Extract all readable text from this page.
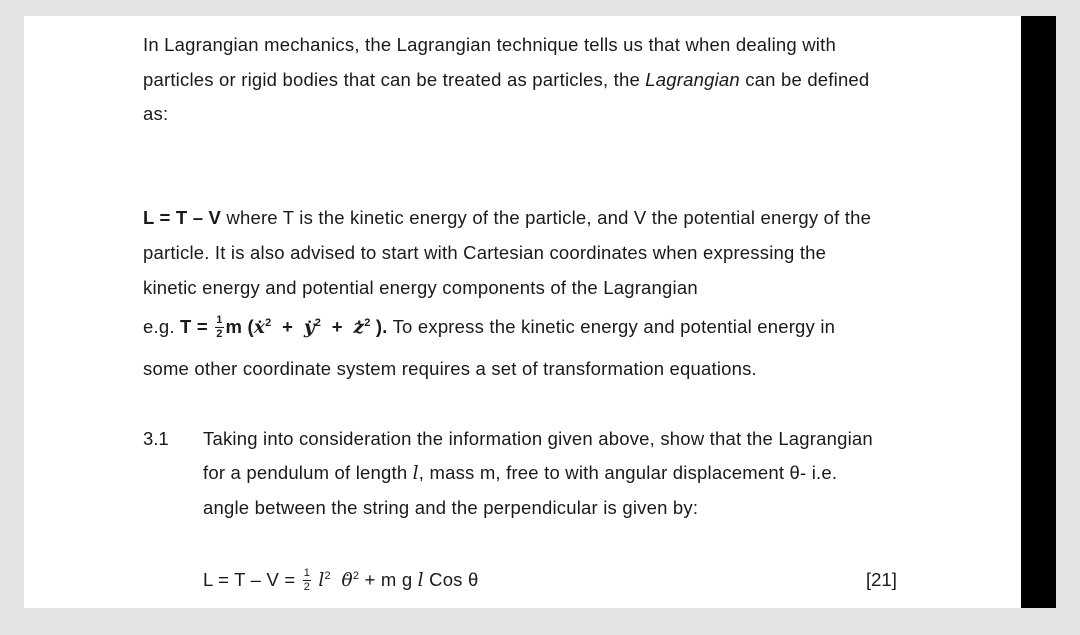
In Lagrangian mechanics, the Lagrangian technique tells us that when dealing with
particles or rigid bodies that can be treated as particles, the Lagrangian can be defined
as:
L = T – V where T is the kinetic energy of the particle, and V the potential energy of the
particle. It is also advised to start with Cartesian coordinates when expressing the
kinetic energy and potential energy components of the Lagrangian
e.g. $T = \frac{1}{2}$ m (. $x^2$ + . $y^2$ + . $z^2$ ). To express the kinetic energy and potential energy in
some other coordinate system requires a set of transformation equations.
3.1 Taking into consideration the information given above, show that the Lagrangian
for a pendulum of length l, mass m, free to with angular displacement θ- i.e.
angle between the string and the perpendicular is given by:
$L = T - V = \frac{1}{2} l^2$ . $\theta^2 + m$ g l Cos θ	[21]
